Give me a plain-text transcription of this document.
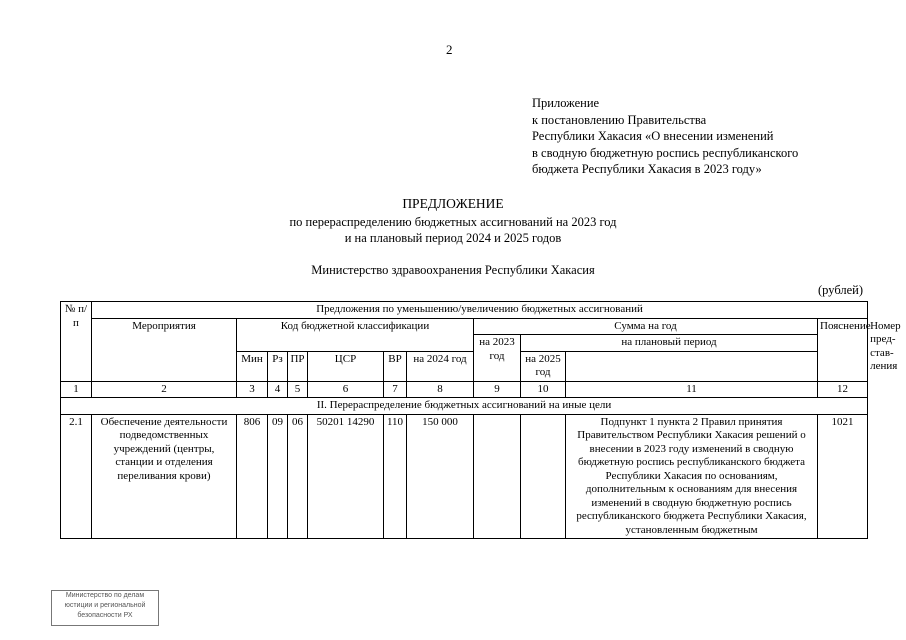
2
Приложение
к постановлению Правительства
Республики Хакасия «О внесении изменений
в сводную бюджетную роспись республиканского
бюджета Республики Хакасия в 2023 году»
ПРЕДЛОЖЕНИЕ
по перераспределению бюджетных ассигнований на 2023 год
и на плановый период 2024 и 2025 годов
Министерство здравоохранения Республики Хакасия
(рублей)
№ п/п	Предложения по уменьшению/увеличению бюджетных ассигнований											
	Мероприятия	Код бюджетной классификации						Сумма на год			Пояснение	Номер пред-став-ления
								на 2023 год	на плановый период			
		Мин	Рз	ПР	ЦСР	ВР	на 2024 год		на 2025 год			
1	2	3	4	5	6	7	8	9	10	11	12	
II. Перераспределение бюджетных ассигнований на иные цели												
2.1	Обеспечение деятельности подведомственных учреждений (центры, станции и отделения переливания крови)	806	09	06	50201 14290	110	150 000			Подпункт 1 пункта 2 Правил принятия Правительством Республики Хакасия решений о внесении в 2023 году изменений в сводную бюджетную роспись республиканского бюджета Республики Хакасия по основаниям, дополнительным к основаниям для внесения изменений в сводную бюджетную роспись республиканского бюджета Республики Хакасия, установленным бюджетным	1021	
Министерство по делам
юстиции и региональной
безопасности РХ
